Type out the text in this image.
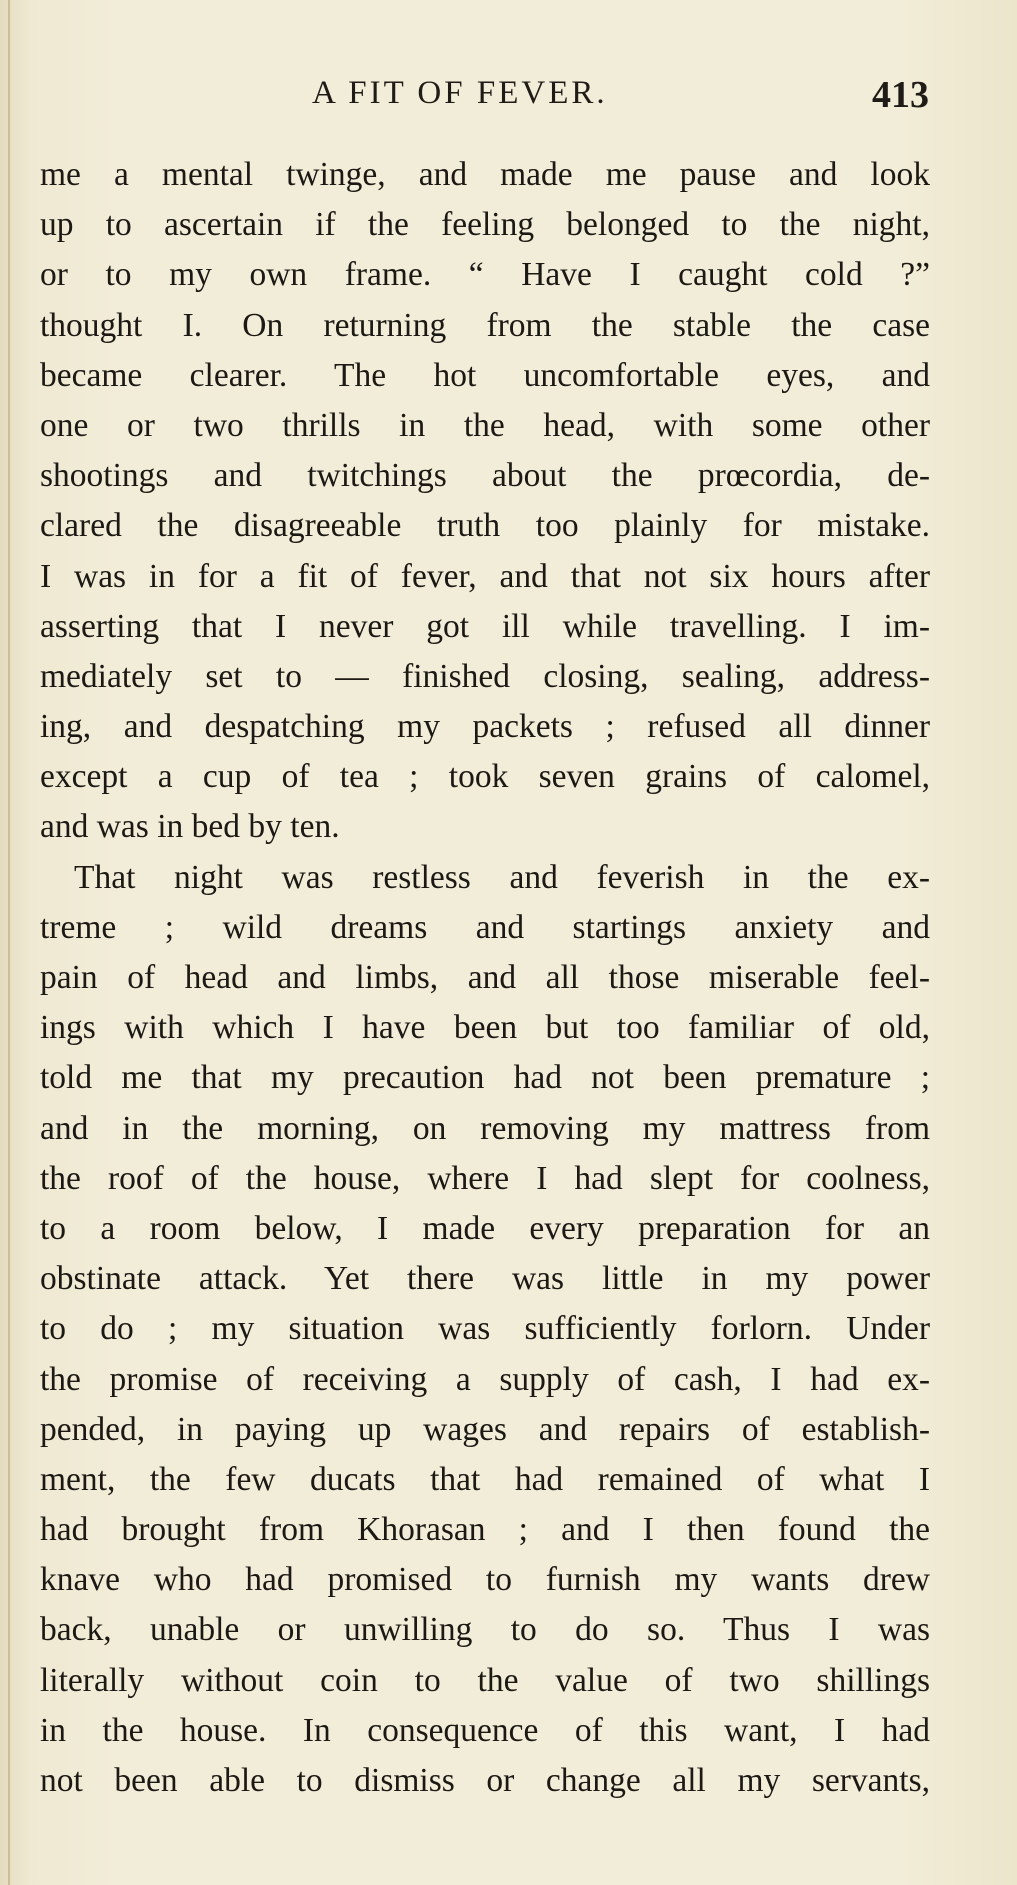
A FIT OF FEVER.	413
me a mental twinge, and made me pause and look
up to ascertain if the feeling belonged to the night,
or to my own frame. “ Have I caught cold ?”
thought I. On returning from the stable the case
became clearer. The hot uncomfortable eyes, and
one or two thrills in the head, with some other
shootings and twitchings about the prœcordia, de-
clared the disagreeable truth too plainly for mistake.
I was in for a fit of fever, and that not six hours after
asserting that I never got ill while travelling. I im-
mediately set to — finished closing, sealing, address-
ing, and despatching my packets ; refused all dinner
except a cup of tea ; took seven grains of calomel,
and was in bed by ten.
That night was restless and feverish in the ex-
treme ; wild dreams and startings anxiety and
pain of head and limbs, and all those miserable feel-
ings with which I have been but too familiar of old,
told me that my precaution had not been premature ;
and in the morning, on removing my mattress from
the roof of the house, where I had slept for coolness,
to a room below, I made every preparation for an
obstinate attack. Yet there was little in my power
to do ; my situation was sufficiently forlorn. Under
the promise of receiving a supply of cash, I had ex-
pended, in paying up wages and repairs of establish-
ment, the few ducats that had remained of what I
had brought from Khorasan ; and I then found the
knave who had promised to furnish my wants drew
back, unable or unwilling to do so. Thus I was
literally without coin to the value of two shillings
in the house. In consequence of this want, I had
not been able to dismiss or change all my servants,
